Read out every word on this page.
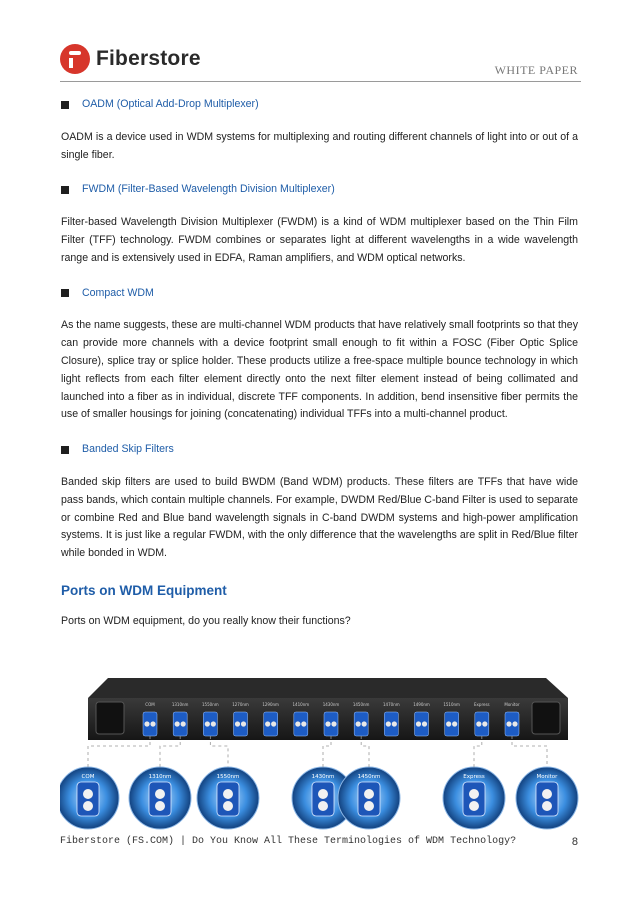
Fiberstore	WHITE PAPER
OADM (Optical Add-Drop Multiplexer)

OADM is a device used in WDM systems for multiplexing and routing different channels of light into or out of a single fiber.

FWDM (Filter-Based Wavelength Division Multiplexer)

Filter-based Wavelength Division Multiplexer (FWDM) is a kind of WDM multiplexer based on the Thin Film Filter (TFF) technology. FWDM combines or separates light at different wavelengths in a wide wavelength range and is extensively used in EDFA, Raman amplifiers, and WDM optical networks.

Compact WDM

As the name suggests, these are multi-channel WDM products that have relatively small footprints so that they can provide more channels with a device footprint small enough to fit within a FOSC (Fiber Optic Splice Closure), splice tray or splice holder. These products utilize a free-space multiple bounce technology in which light reflects from each filter element directly onto the next filter element instead of being collimated and launched into a fiber as in individual, discrete TFF components. In addition, bend insensitive fiber permits the use of smaller housings for joining (concatenating) individual TFFs into a multi-channel product.

Banded Skip Filters

Banded skip filters are used to build BWDM (Band WDM) products. These filters are TFFs that have wide pass bands, which contain multiple channels. For example, DWDM Red/Blue C-band Filter is used to separate or combine Red and Blue band wavelength signals in C-band DWDM systems and high-power amplification systems. It is just like a regular FWDM, with the only difference that the wavelengths are split in Red/Blue filter while bonded in WDM.

Ports on WDM Equipment

Ports on WDM equipment, do you really know their functions?

COM	1310nm	1550nm	1270nm	1290nm	1410nm	1430nm	1450nm	1470nm	1490nm	1510nm	Express	Monitor
COM	1310nm	1550nm	1430nm	1450nm	Express	Monitor
Fiberstore (FS.COM) | Do You Know All These Terminologies of WDM Technology?	8
